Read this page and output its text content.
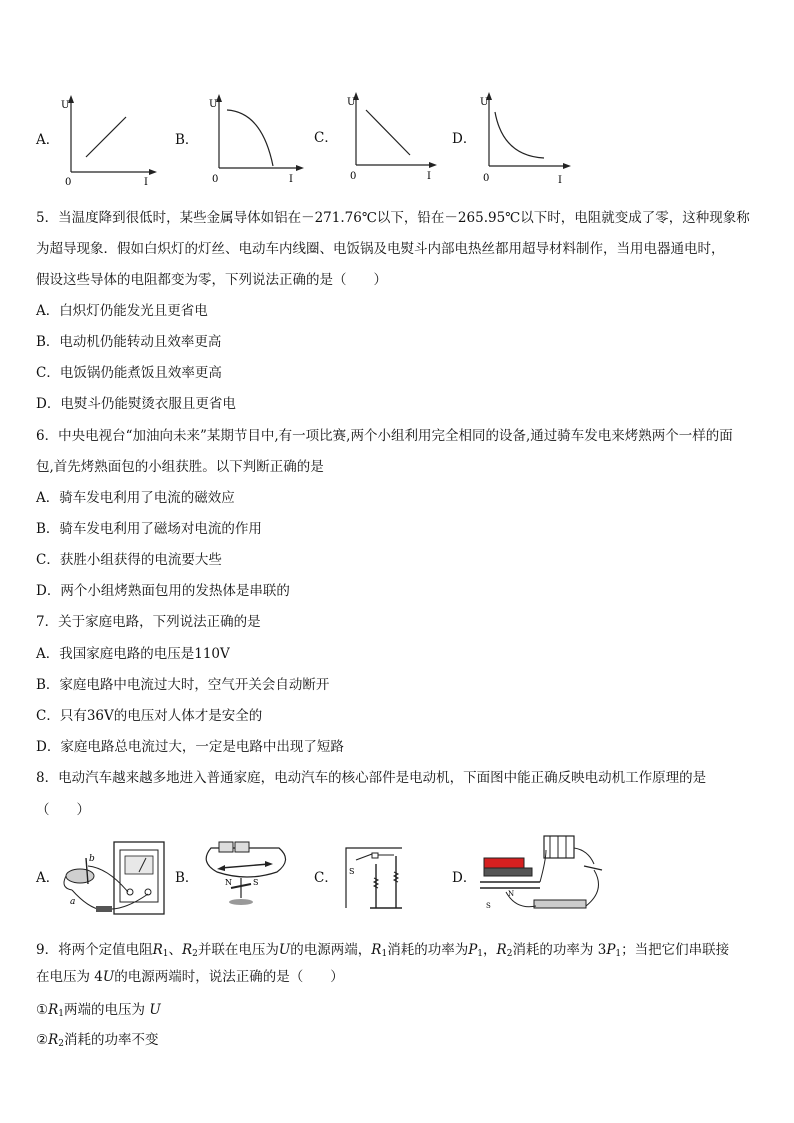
A．
U
0	I
B．
U
0	I
C．
U
0	I
D．
U
0	I
5．当温度降到很低时，某些金属导体如铝在－271.76℃以下，铅在－265.95℃以下时，电阻就变成了零，这种现象称
为超导现象．假如白炽灯的灯丝、电动车内线圈、电饭锅及电熨斗内部电热丝都用超导材料制作，当用电器通电时，
假设这些导体的电阻都变为零，下列说法正确的是（　　）
A．白炽灯仍能发光且更省电
B．电动机仍能转动且效率更高
C．电饭锅仍能煮饭且效率更高
D．电熨斗仍能熨烫衣服且更省电
6．中央电视台“加油向未来”某期节目中,有一项比赛,两个小组利用完全相同的设备,通过骑车发电来烤熟两个一样的面
包,首先烤熟面包的小组获胜。以下判断正确的是
A．骑车发电利用了电流的磁效应
B．骑车发电利用了磁场对电流的作用
C．获胜小组获得的电流要大些
D．两个小组烤熟面包用的发热体是串联的
7．关于家庭电路，下列说法正确的是
A．我国家庭电路的电压是110V
B．家庭电路中电流过大时，空气开关会自动断开
C．只有36V的电压对人体才是安全的
D．家庭电路总电流过大，一定是电路中出现了短路
8．电动汽车越来越多地进入普通家庭，电动汽车的核心部件是电动机，下面图中能正确反映电动机工作原理的是
（　　）
A．
b
a
B．	N	S	C． S	D．
N
S
9．将两个定值电阻$R_1$、$R_2$并联在电压为U的电源两端，$R_1$消耗的功率为$P_1$，$R_2$消耗的功率为 $3P_1$；当把它们串联接
在电压为 4U的电源两端时，说法正确的是（　　）
$①R_1$两端的电压为 U
$②R_2$消耗的功率不变
